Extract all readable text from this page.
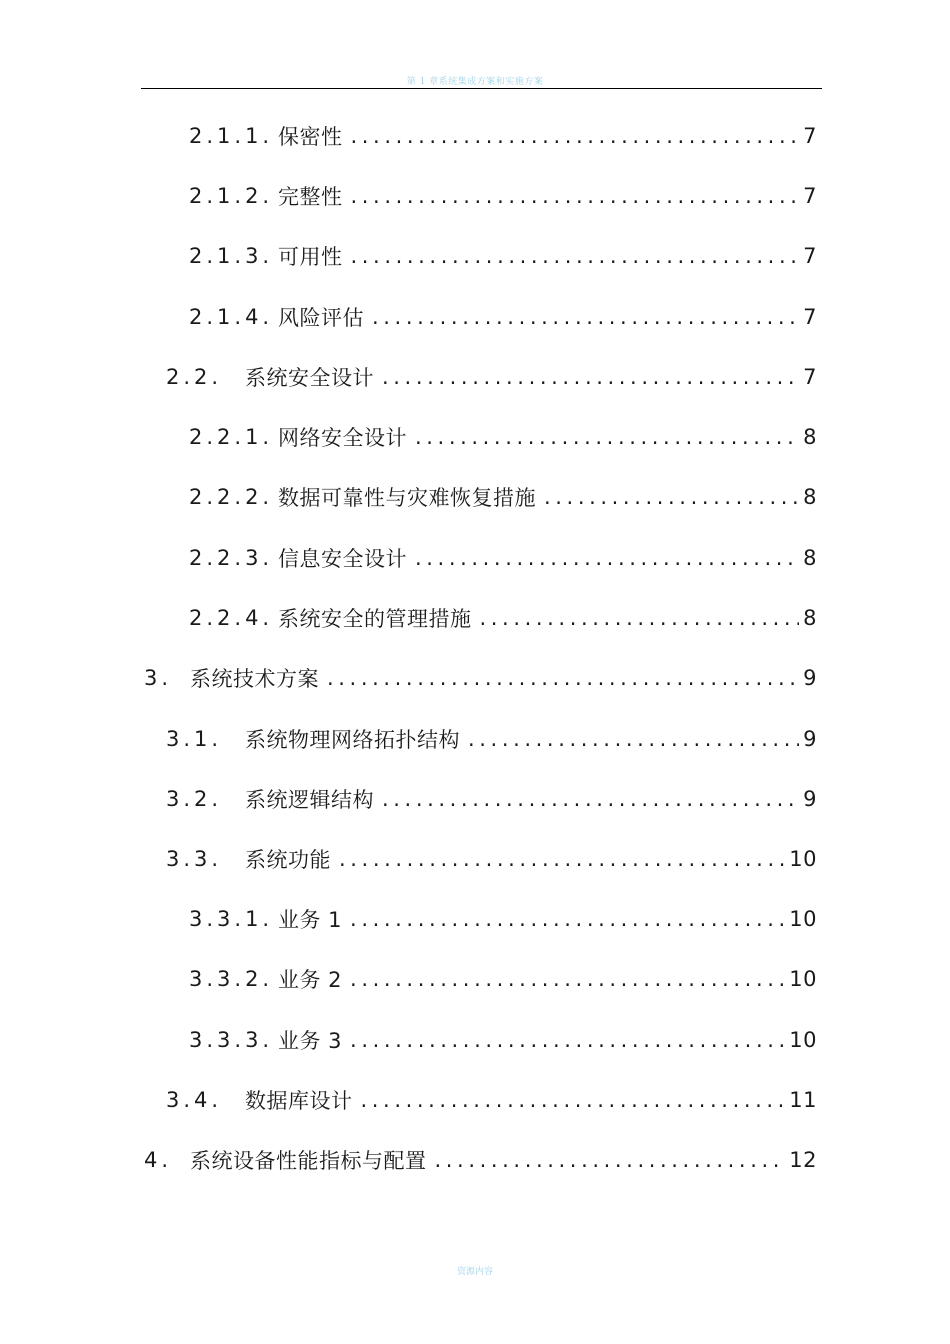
第 1 章系统集成方案和实施方案
2.1.1. 保密性 .....	7
2.1.2. 完整性 .....	7
2.1.3. 可用性 .....	7
2.1.4. 风险评估 .....	7
2.2.	系统安全设计 .....	7
2.2.1. 网络安全设计 .....	8
2.2.2. 数据可靠性与灾难恢复措施 .....	8
2.2.3. 信息安全设计 .....	8
2.2.4. 系统安全的管理措施 .....	8
3. 系统技术方案 .....	9
3.1.	系统物理网络拓扑结构 .....	9
3.2.	系统逻辑结构 .....	9
3.3.	系统功能 .....	10
3.3.1. 业务 1 .....	10
3.3.2. 业务 2 .....	10
3.3.3. 业务 3 .....	10
3.4.	数据库设计 .....	11
4. 系统设备性能指标与配置 .....	12
资源内容
